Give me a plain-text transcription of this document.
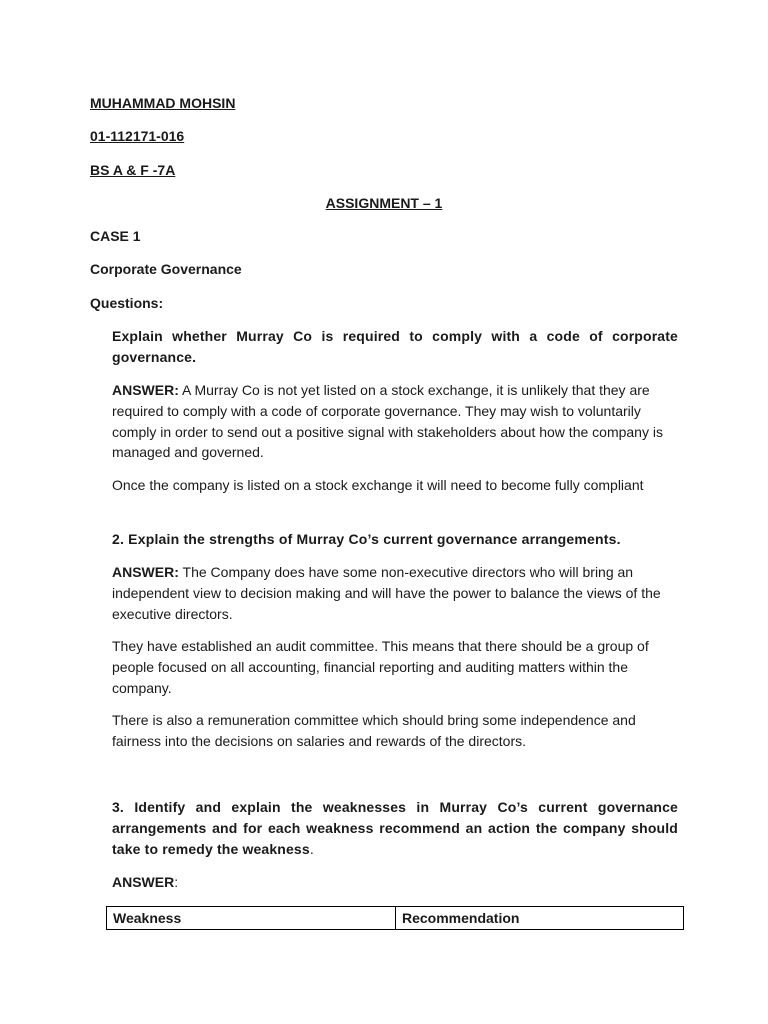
MUHAMMAD MOHSIN

01-112171-016

BS A & F -7A

ASSIGNMENT – 1

CASE 1

Corporate Governance

Questions:

Explain whether Murray Co is required to comply with a code of corporate governance.

ANSWER: A Murray Co is not yet listed on a stock exchange, it is unlikely that they are required to comply with a code of corporate governance. They may wish to voluntarily comply in order to send out a positive signal with stakeholders about how the company is managed and governed.

Once the company is listed on a stock exchange it will need to become fully compliant

2. Explain the strengths of Murray Co’s current governance arrangements.

ANSWER: The Company does have some non-executive directors who will bring an independent view to decision making and will have the power to balance the views of the executive directors.

They have established an audit committee. This means that there should be a group of people focused on all accounting, financial reporting and auditing matters within the company.

There is also a remuneration committee which should bring some independence and fairness into the decisions on salaries and rewards of the directors.

3. Identify and explain the weaknesses in Murray Co’s current governance arrangements and for each weakness recommend an action the company should take to remedy the weakness.

ANSWER:

Weakness	Recommendation
